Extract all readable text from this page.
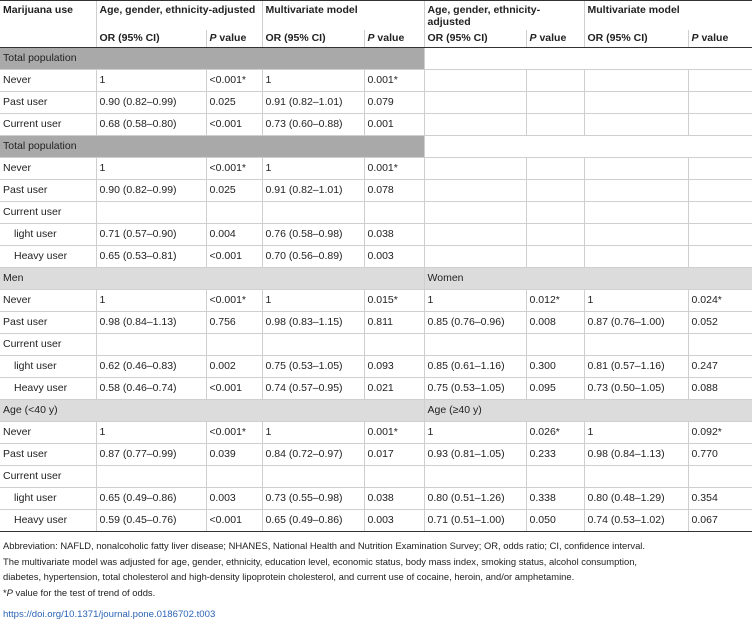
Marijuana use	Age, gender, ethnicity-adjusted		Multivariate model		Age, gender, ethnicity-adjusted		Multivariate model	
	OR (95% CI)	P value	OR (95% CI)	P value	OR (95% CI)	P value	OR (95% CI)	P value
Total population								
Never	1	<0.001*	1	0.001*				
Past user	0.90 (0.82–0.99)	0.025	0.91 (0.82–1.01)	0.079				
Current user	0.68 (0.58–0.80)	<0.001	0.73 (0.60–0.88)	0.001				
Total population								
Never	1	<0.001*	1	0.001*				
Past user	0.90 (0.82–0.99)	0.025	0.91 (0.82–1.01)	0.078				
Current user								
light user	0.71 (0.57–0.90)	0.004	0.76 (0.58–0.98)	0.038				
Heavy user	0.65 (0.53–0.81)	<0.001	0.70 (0.56–0.89)	0.003				
Men					Women			
Never	1	<0.001*	1	0.015*	1	0.012*	1	0.024*
Past user	0.98 (0.84–1.13)	0.756	0.98 (0.83–1.15)	0.811	0.85 (0.76–0.96)	0.008	0.87 (0.76–1.00)	0.052
Current user								
light user	0.62 (0.46–0.83)	0.002	0.75 (0.53–1.05)	0.093	0.85 (0.61–1.16)	0.300	0.81 (0.57–1.16)	0.247
Heavy user	0.58 (0.46–0.74)	<0.001	0.74 (0.57–0.95)	0.021	0.75 (0.53–1.05)	0.095	0.73 (0.50–1.05)	0.088
Age (<40 y)					Age (≥40 y)			
Never	1	<0.001*	1	0.001*	1	0.026*	1	0.092*
Past user	0.87 (0.77–0.99)	0.039	0.84 (0.72–0.97)	0.017	0.93 (0.81–1.05)	0.233	0.98 (0.84–1.13)	0.770
Current user								
light user	0.65 (0.49–0.86)	0.003	0.73 (0.55–0.98)	0.038	0.80 (0.51–1.26)	0.338	0.80 (0.48–1.29)	0.354
Heavy user	0.59 (0.45–0.76)	<0.001	0.65 (0.49–0.86)	0.003	0.71 (0.51–1.00)	0.050	0.74 (0.53–1.02)	0.067

Abbreviation: NAFLD, nonalcoholic fatty liver disease; NHANES, National Health and Nutrition Examination Survey; OR, odds ratio; CI, confidence interval.

The multivariate model was adjusted for age, gender, ethnicity, education level, economic status, body mass index, smoking status, alcohol consumption,

diabetes, hypertension, total cholesterol and high-density lipoprotein cholesterol, and current use of cocaine, heroin, and/or amphetamine.

*P value for the test of trend of odds.

https://doi.org/10.1371/journal.pone.0186702.t003
